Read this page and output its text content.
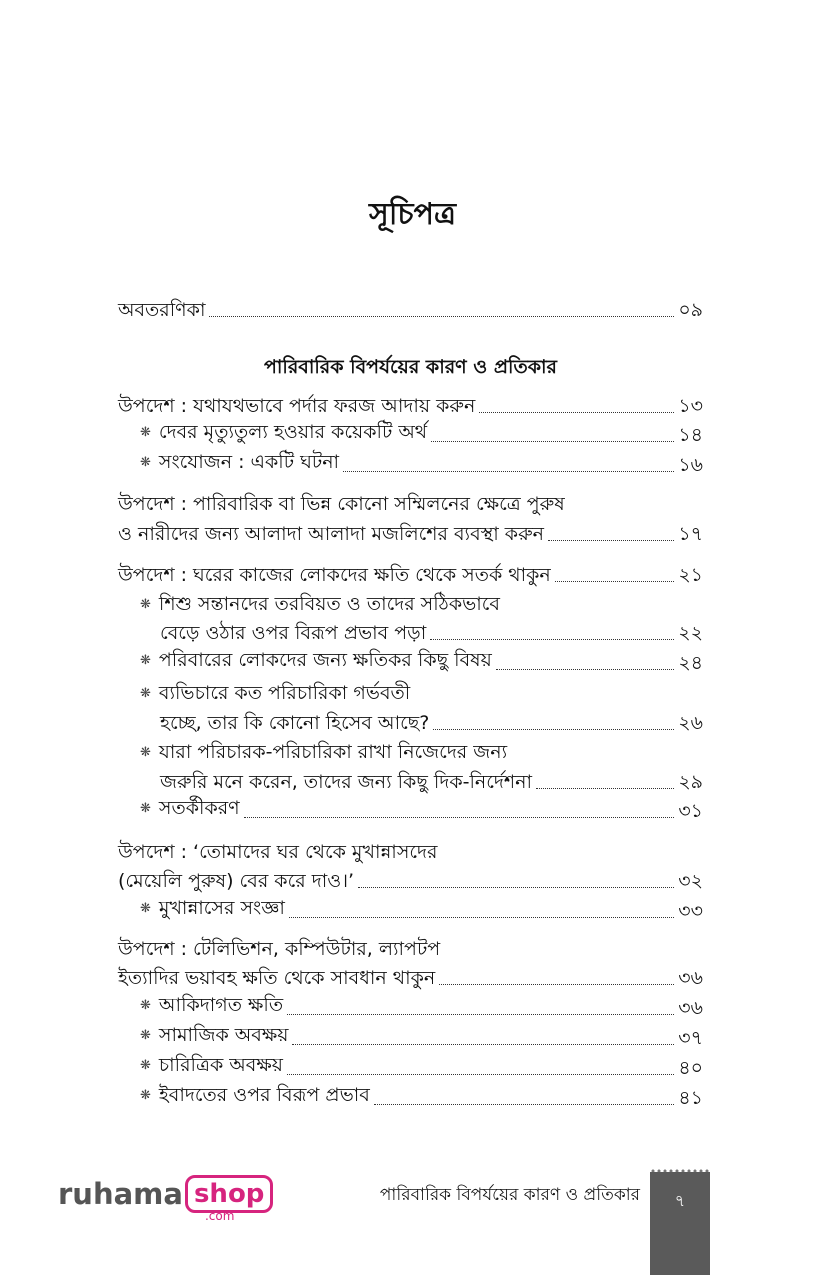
সূচিপত্র
অবতরণিকা	০৯
পারিবারিক বিপর্যয়ের কারণ ও প্রতিকার
উপদেশ : যথাযথভাবে পর্দার ফরজ আদায় করুন	১৩
❋ দেবর মৃত্যুতুল্য হওয়ার কয়েকটি অর্থ	১৪
❋ সংযোজন : একটি ঘটনা	১৬
উপদেশ : পারিবারিক বা ভিন্ন কোনো সম্মিলনের ক্ষেত্রে পুরুষ
ও নারীদের জন্য আলাদা আলাদা মজলিশের ব্যবস্থা করুন	১৭
উপদেশ : ঘরের কাজের লোকদের ক্ষতি থেকে সতর্ক থাকুন	২১
❋ শিশু সন্তানদের তরবিয়ত ও তাদের সঠিকভাবে
বেড়ে ওঠার ওপর বিরূপ প্রভাব পড়া	২২
❋ পরিবারের লোকদের জন্য ক্ষতিকর কিছু বিষয়	২৪
❋ ব্যভিচারে কত পরিচারিকা গর্ভবতী
হচ্ছে, তার কি কোনো হিসেব আছে?	২৬
❋ যারা পরিচারক-পরিচারিকা রাখা নিজেদের জন্য
জরুরি মনে করেন, তাদের জন্য কিছু দিক-নির্দেশনা	২৯
❋ সতর্কীকরণ	৩১
উপদেশ : ‘তোমাদের ঘর থেকে মুখান্নাসদের
(মেয়েলি পুরুষ) বের করে দাও।’	৩২
❋ মুখান্নাসের সংজ্ঞা	৩৩
উপদেশ : টেলিভিশন, কম্পিউটার, ল্যাপটপ
ইত্যাদির ভয়াবহ ক্ষতি থেকে সাবধান থাকুন	৩৬
❋ আকিদাগত ক্ষতি	৩৬
❋ সামাজিক অবক্ষয়	৩৭
❋ চারিত্রিক অবক্ষয়	৪০
❋ ইবাদতের ওপর বিরূপ প্রভাব	৪১
ruhama shop
.com
পারিবারিক বিপর্যয়ের কারণ ও প্রতিকার	৭
